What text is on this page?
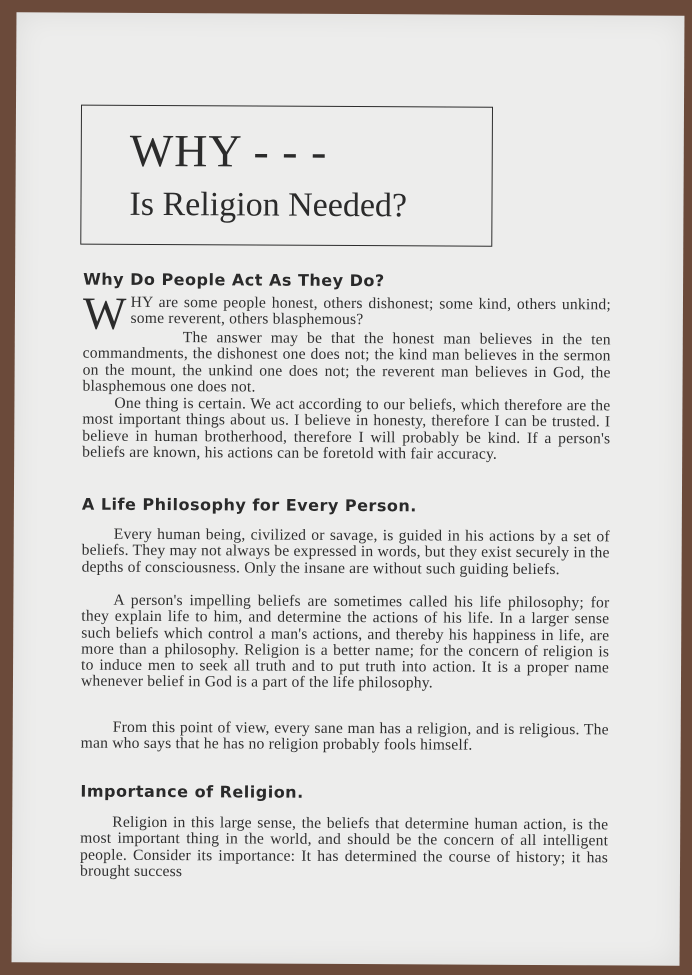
WHY - - -
Is Religion Needed?
Why Do People Act As They Do?
W HY are some people honest, others dishonest; some kind, others unkind; some reverent, others blasphemous?

The answer may be that the honest man believes in the ten commandments, the dishonest one does not; the kind man believes in the sermon on the mount, the unkind one does not; the reverent man believes in God, the blasphemous one does not.

One thing is certain. We act according to our beliefs, which therefore are the most important things about us. I believe in honesty, therefore I can be trusted. I believe in human brotherhood, therefore I will probably be kind. If a person's beliefs are known, his actions can be foretold with fair accuracy.

A Life Philosophy for Every Person.

Every human being, civilized or savage, is guided in his actions by a set of beliefs. They may not always be expressed in words, but they exist securely in the depths of consciousness. Only the insane are without such guiding beliefs.

A person's impelling beliefs are sometimes called his life philosophy; for they explain life to him, and determine the actions of his life. In a larger sense such beliefs which control a man's actions, and thereby his happiness in life, are more than a philosophy. Religion is a better name; for the concern of religion is to induce men to seek all truth and to put truth into action. It is a proper name whenever belief in God is a part of the life philosophy.

From this point of view, every sane man has a religion, and is religious. The man who says that he has no religion probably fools himself.

Importance of Religion.

Religion in this large sense, the beliefs that determine human action, is the most important thing in the world, and should be the concern of all intelligent people. Consider its importance: It has determined the course of history; it has brought success
